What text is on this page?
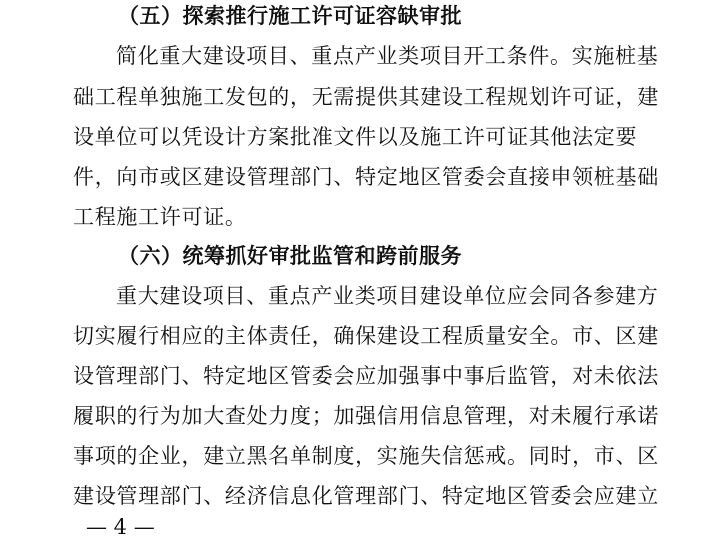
（五）探索推行施工许可证容缺审批
简化重大建设项目、重点产业类项目开工条件。实施桩基
础工程单独施工发包的，无需提供其建设工程规划许可证，建
设单位可以凭设计方案批准文件以及施工许可证其他法定要
件，向市或区建设管理部门、特定地区管委会直接申领桩基础
工程施工许可证。
（六）统筹抓好审批监管和跨前服务
重大建设项目、重点产业类项目建设单位应会同各参建方
切实履行相应的主体责任，确保建设工程质量安全。市、区建
设管理部门、特定地区管委会应加强事中事后监管，对未依法
履职的行为加大查处力度；加强信用信息管理，对未履行承诺
事项的企业，建立黑名单制度，实施失信惩戒。同时，市、区
建设管理部门、经济信息化管理部门、特定地区管委会应建立
— 4 —
